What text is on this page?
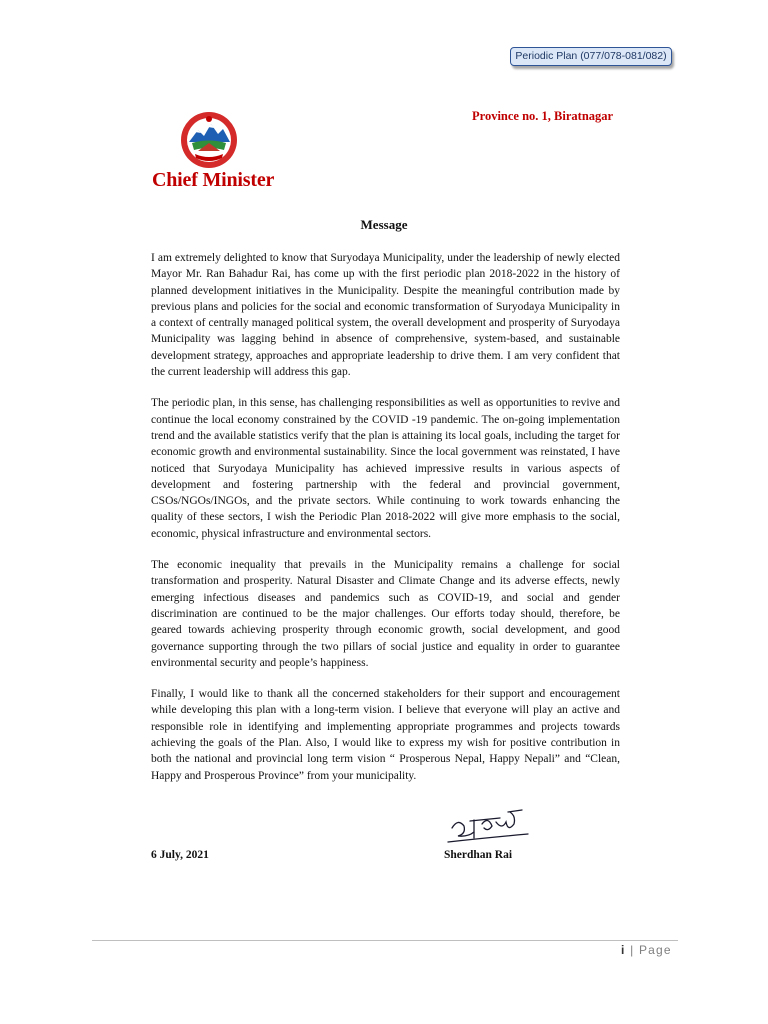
Periodic Plan (077/078-081/082)
Province no. 1, Biratnagar
Chief Minister
Message

I am extremely delighted to know that Suryodaya Municipality, under the leadership of newly elected Mayor Mr. Ran Bahadur Rai, has come up with the first periodic plan 2018-2022 in the history of planned development initiatives in the Municipality. Despite the meaningful contribution made by previous plans and policies for the social and economic transformation of Suryodaya Municipality in a context of centrally managed political system, the overall development and prosperity of Suryodaya Municipality was lagging behind in absence of comprehensive, system-based, and sustainable development strategy, approaches and appropriate leadership to drive them. I am very confident that the current leadership will address this gap.

The periodic plan, in this sense, has challenging responsibilities as well as opportunities to revive and continue the local economy constrained by the COVID -19 pandemic. The on-going implementation trend and the available statistics verify that the plan is attaining its local goals, including the target for economic growth and environmental sustainability. Since the local government was reinstated, I have noticed that Suryodaya Municipality has achieved impressive results in various aspects of development and fostering partnership with the federal and provincial government, CSOs/NGOs/INGOs, and the private sectors. While continuing to work towards enhancing the quality of these sectors, I wish the Periodic Plan 2018-2022 will give more emphasis to the social, economic, physical infrastructure and environmental sectors.

The economic inequality that prevails in the Municipality remains a challenge for social transformation and prosperity. Natural Disaster and Climate Change and its adverse effects, newly emerging infectious diseases and pandemics such as COVID-19, and social and gender discrimination are continued to be the major challenges. Our efforts today should, therefore, be geared towards achieving prosperity through economic growth, social development, and good governance supporting through the two pillars of social justice and equality in order to guarantee environmental security and people’s happiness.

Finally, I would like to thank all the concerned stakeholders for their support and encouragement while developing this plan with a long-term vision. I believe that everyone will play an active and responsible role in identifying and implementing appropriate programmes and projects towards achieving the goals of the Plan. Also, I would like to express my wish for positive contribution in both the national and provincial long term vision “ Prosperous Nepal, Happy Nepali” and “Clean, Happy and Prosperous Province” from your municipality.

6 July, 2021	Sherdhan Rai
i | Page
